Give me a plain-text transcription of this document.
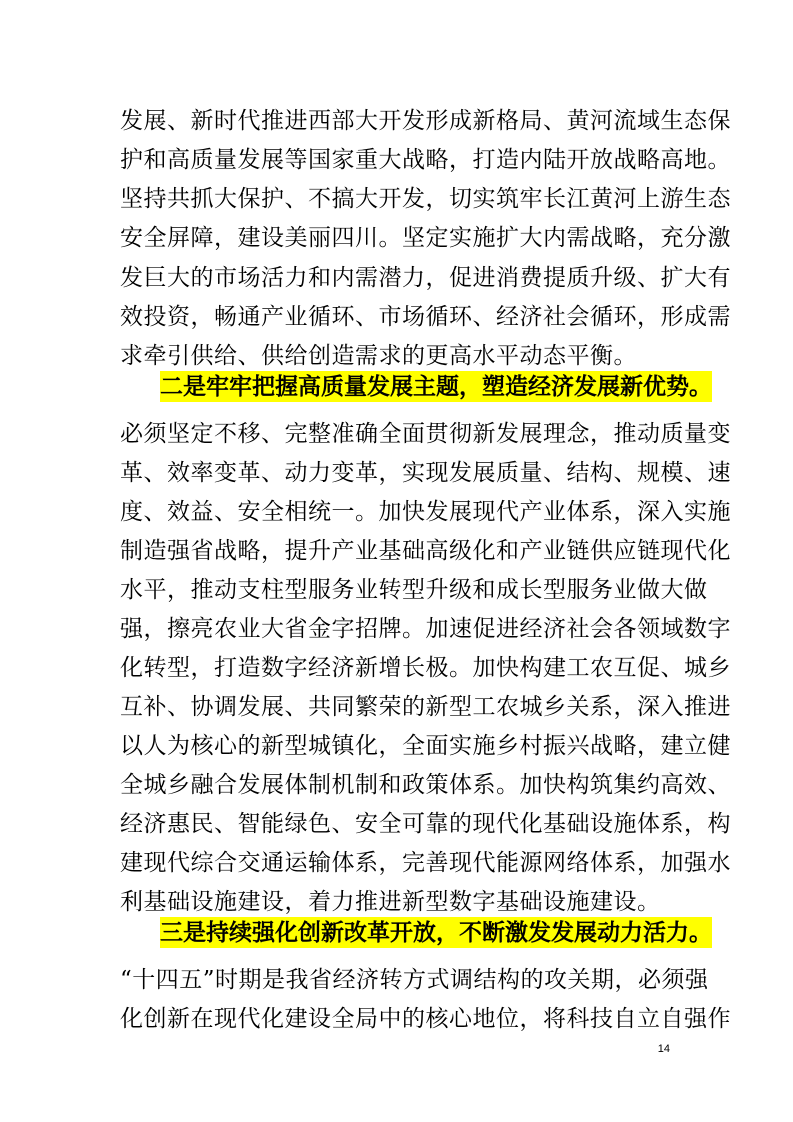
发展、新时代推进西部大开发形成新格局、黄河流域生态保
护和高质量发展等国家重大战略，打造内陆开放战略高地。
坚持共抓大保护、不搞大开发，切实筑牢长江黄河上游生态
安全屏障，建设美丽四川。坚定实施扩大内需战略，充分激
发巨大的市场活力和内需潜力，促进消费提质升级、扩大有
效投资，畅通产业循环、市场循环、经济社会循环，形成需
求牵引供给、供给创造需求的更高水平动态平衡。
二是牢牢把握高质量发展主题，塑造经济发展新优势。
必须坚定不移、完整准确全面贯彻新发展理念，推动质量变
革、效率变革、动力变革，实现发展质量、结构、规模、速
度、效益、安全相统一。加快发展现代产业体系，深入实施
制造强省战略，提升产业基础高级化和产业链供应链现代化
水平，推动支柱型服务业转型升级和成长型服务业做大做
强，擦亮农业大省金字招牌。加速促进经济社会各领域数字
化转型，打造数字经济新增长极。加快构建工农互促、城乡
互补、协调发展、共同繁荣的新型工农城乡关系，深入推进
以人为核心的新型城镇化，全面实施乡村振兴战略，建立健
全城乡融合发展体制机制和政策体系。加快构筑集约高效、
经济惠民、智能绿色、安全可靠的现代化基础设施体系，构
建现代综合交通运输体系，完善现代能源网络体系，加强水
利基础设施建设，着力推进新型数字基础设施建设。
三是持续强化创新改革开放，不断激发发展动力活力。
“十四五”时期是我省经济转方式调结构的攻关期，必须强
化创新在现代化建设全局中的核心地位，将科技自立自强作
14
